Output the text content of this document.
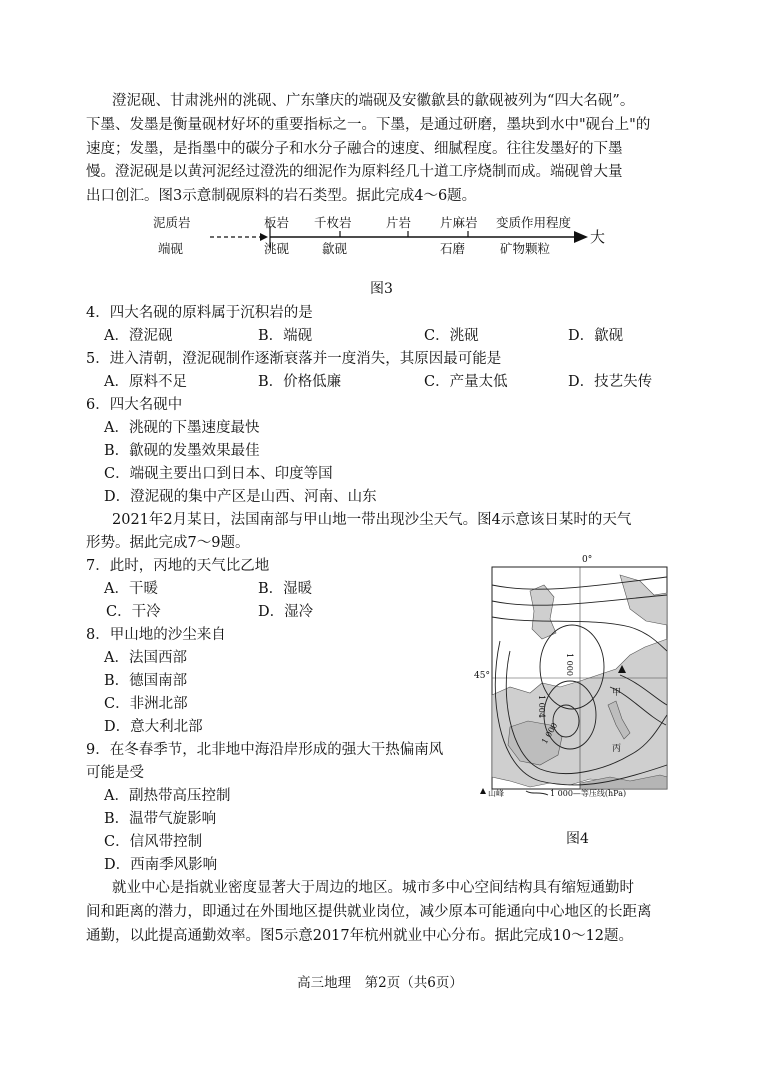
澄泥砚、甘肃洮州的洮砚、广东肇庆的端砚及安徽歙县的歙砚被列为“四大名砚”。
下墨、发墨是衡量砚材好坏的重要指标之一。下墨，是通过研磨，墨块到水中"砚台上"的
速度；发墨，是指墨中的碳分子和水分子融合的速度、细腻程度。往往发墨好的下墨
慢。澄泥砚是以黄河泥经过澄洗的细泥作为原料经几十道工序烧制而成。端砚曾大量
出口创汇。图3示意制砚原料的岩石类型。据此完成4～6题。
泥质岩
端砚
板岩 千枚岩	片岩 片麻岩 变质作用程度
大
洮砚	歙砚	石磨	矿物颗粒
图3
4．四大名砚的原料属于沉积岩的是
A．澄泥砚	B．端砚	C．洮砚	D．歙砚
5．进入清朝，澄泥砚制作逐渐衰落并一度消失，其原因最可能是
A．原料不足	B．价格低廉	C．产量太低	D．技艺失传
6．四大名砚中
A．洮砚的下墨速度最快
B．歙砚的发墨效果最佳
C．端砚主要出口到日本、印度等国
D．澄泥砚的集中产区是山西、河南、山东
2021年2月某日，法国南部与甲山地一带出现沙尘天气。图4示意该日某时的天气
形势。据此完成7～9题。
7．此时，丙地的天气比乙地
A．干暖	B．湿暖
C．干冷	D．湿冷
8．甲山地的沙尘来自
A．法国西部
B．德国南部
C．非洲北部
D．意大利北部
9．在冬春季节，北非地中海沿岸形成的强大干热偏南风
可能是受
A．副热带高压控制
B．温带气旋影响
C．信风带控制
D．西南季风影响
0°
45°
1 000
1 004
1 000
甲
丙
山峰	1 000—等压线(hPa)
图4
就业中心是指就业密度显著大于周边的地区。城市多中心空间结构具有缩短通勤时
间和距离的潜力，即通过在外围地区提供就业岗位，减少原本可能通向中心地区的长距离
通勤，以此提高通勤效率。图5示意2017年杭州就业中心分布。据此完成10～12题。
高三地理　第2页（共6页）
